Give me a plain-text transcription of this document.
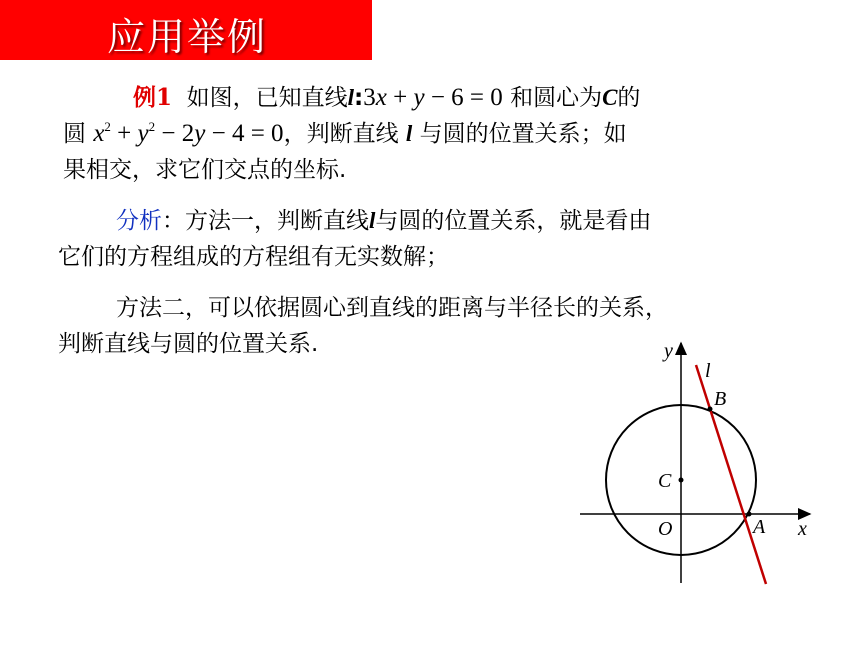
应用举例
例1 如图，已知直线l:3x + y − 6 = 0 和圆心为C的
圆 $x^2 + y^2 - 2y - 4 = 0$，判断直线 l 与圆的位置关系；如
果相交，求它们交点的坐标.
分析：方法一，判断直线l与圆的位置关系，就是看由
它们的方程组成的方程组有无实数解；
方法二，可以依据圆心到直线的距离与半径长的关系，
判断直线与圆的位置关系.	y
x
O
C
A
B
l
